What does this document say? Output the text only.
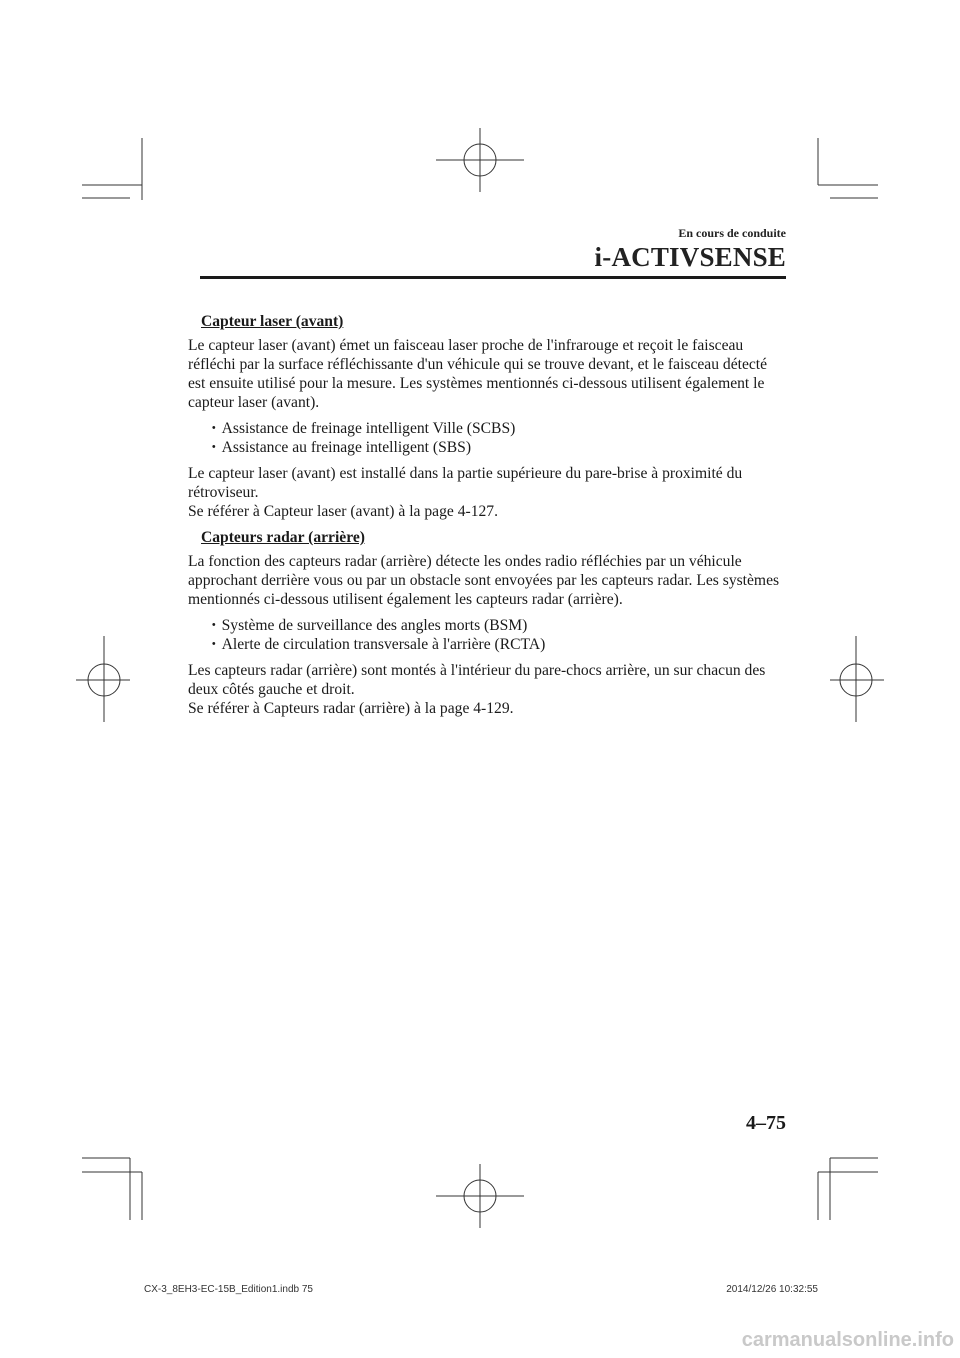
En cours de conduite
i-ACTIVSENSE
Capteur laser (avant)

Le capteur laser (avant) émet un faisceau laser proche de l'infrarouge et reçoit le faisceau réfléchi par la surface réfléchissante d'un véhicule qui se trouve devant, et le faisceau détecté est ensuite utilisé pour la mesure. Les systèmes mentionnés ci-dessous utilisent également le capteur laser (avant).

・ Assistance de freinage intelligent Ville (SCBS)
・ Assistance au freinage intelligent (SBS)

Le capteur laser (avant) est installé dans la partie supérieure du pare-brise à proximité du rétroviseur.

Se référer à Capteur laser (avant) à la page 4-127.

Capteurs radar (arrière)

La fonction des capteurs radar (arrière) détecte les ondes radio réfléchies par un véhicule approchant derrière vous ou par un obstacle sont envoyées par les capteurs radar. Les systèmes mentionnés ci-dessous utilisent également les capteurs radar (arrière).

・ Système de surveillance des angles morts (BSM)
・ Alerte de circulation transversale à l'arrière (RCTA)

Les capteurs radar (arrière) sont montés à l'intérieur du pare-chocs arrière, un sur chacun des deux côtés gauche et droit.

Se référer à Capteurs radar (arrière) à la page 4-129.

4–75
CX-3_8EH3-EC-15B_Edition1.indb 75	2014/12/26 10:32:55
carmanualsonline.info
